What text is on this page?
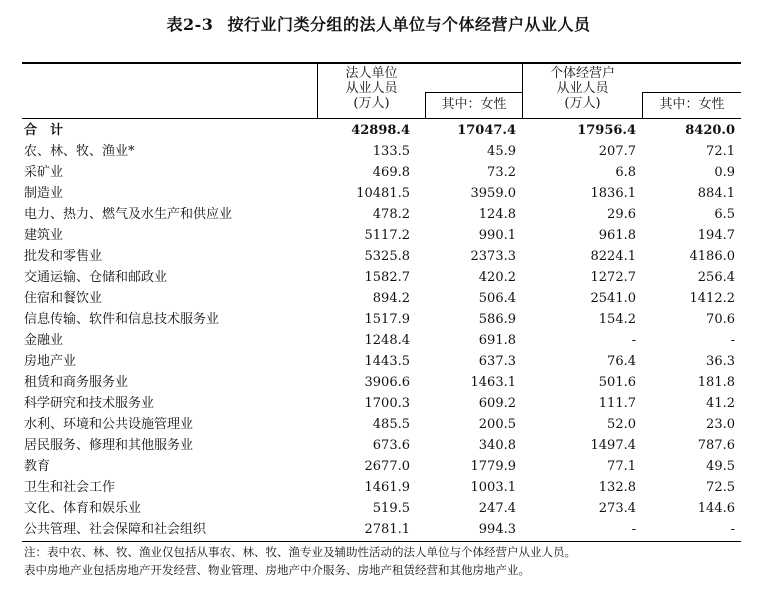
表2-3 按行业门类分组的法人单位与个体经营户从业人员
法人单位
从业人员
(万人)	其中：女性
个体经营户
从业人员
(万人)	其中：女性
合　计	42898.4	17047.4	17956.4	8420.0
农、林、牧、渔业*	133.5	45.9	207.7	72.1
采矿业	469.8	73.2	6.8	0.9
制造业	10481.5	3959.0	1836.1	884.1
电力、热力、燃气及水生产和供应业	478.2	124.8	29.6	6.5
建筑业	5117.2	990.1	961.8	194.7
批发和零售业	5325.8	2373.3	8224.1	4186.0
交通运输、仓储和邮政业	1582.7	420.2	1272.7	256.4
住宿和餐饮业	894.2	506.4	2541.0	1412.2
信息传输、软件和信息技术服务业	1517.9	586.9	154.2	70.6
金融业	1248.4	691.8	-	-
房地产业	1443.5	637.3	76.4	36.3
租赁和商务服务业	3906.6	1463.1	501.6	181.8
科学研究和技术服务业	1700.3	609.2	111.7	41.2
水利、环境和公共设施管理业	485.5	200.5	52.0	23.0
居民服务、修理和其他服务业	673.6	340.8	1497.4	787.6
教育	2677.0	1779.9	77.1	49.5
卫生和社会工作	1461.9	1003.1	132.8	72.5
文化、体育和娱乐业	519.5	247.4	273.4	144.6
公共管理、社会保障和社会组织	2781.1	994.3	-	-
注：表中农、林、牧、渔业仅包括从事农、林、牧、渔专业及辅助性活动的法人单位与个体经营户从业人员。
表中房地产业包括房地产开发经营、物业管理、房地产中介服务、房地产租赁经营和其他房地产业。
